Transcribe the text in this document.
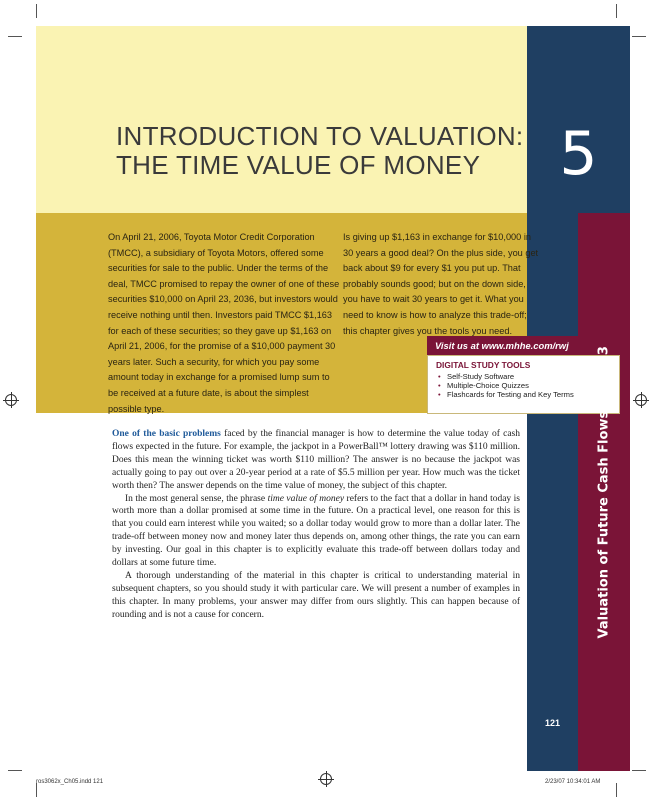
INTRODUCTION TO VALUATION:
THE TIME VALUE OF MONEY	5
On April 21, 2006, Toyota Motor Credit Corporation (TMCC), a subsidiary of Toyota Motors, offered some securities for sale to the public. Under the terms of the deal, TMCC promised to repay the owner of one of these securities $10,000 on April 23, 2036, but investors would receive nothing until then. Investors paid TMCC $1,163 for each of these securities; so they gave up $1,163 on April 21, 2006, for the promise of a $10,000 payment 30 years later. Such a security, for which you pay some amount today in exchange for a promised lump sum to be received at a future date, is about the simplest possible type.
Is giving up $1,163 in exchange for $10,000 in 30 years a good deal? On the plus side, you get back about $9 for every $1 you put up. That probably sounds good; but on the down side, you have to wait 30 years to get it. What you need to know is how to analyze this trade-off; this chapter gives you the tools you need.
Visit us at www.mhhe.com/rwj
DIGITAL STUDY TOOLS
• Self-Study Software
• Multiple-Choice Quizzes
• Flashcards for Testing and Key Terms
Valuation of Future Cash FlowsPART 3

One of the basic problems faced by the financial manager is how to determine the value today of cash flows expected in the future. For example, the jackpot in a PowerBall™ lottery drawing was $110 million. Does this mean the winning ticket was worth $110 million? The answer is no because the jackpot was actually going to pay out over a 20-year period at a rate of $5.5 million per year. How much was the ticket worth then? The answer depends on the time value of money, the subject of this chapter.

In the most general sense, the phrase time value of money refers to the fact that a dollar in hand today is worth more than a dollar promised at some time in the future. On a practical level, one reason for this is that you could earn interest while you waited; so a dollar today would grow to more than a dollar later. The trade-off between money now and money later thus depends on, among other things, the rate you can earn by investing. Our goal in this chapter is to explicitly evaluate this trade-off between dollars today and dollars at some future time.

A thorough understanding of the material in this chapter is critical to understanding material in subsequent chapters, so you should study it with particular care. We will present a number of examples in this chapter. In many problems, your answer may differ from ours slightly. This can happen because of rounding and is not a cause for concern.

121
ros3062x_Ch05.indd 121	2/23/07 10:34:01 AM
